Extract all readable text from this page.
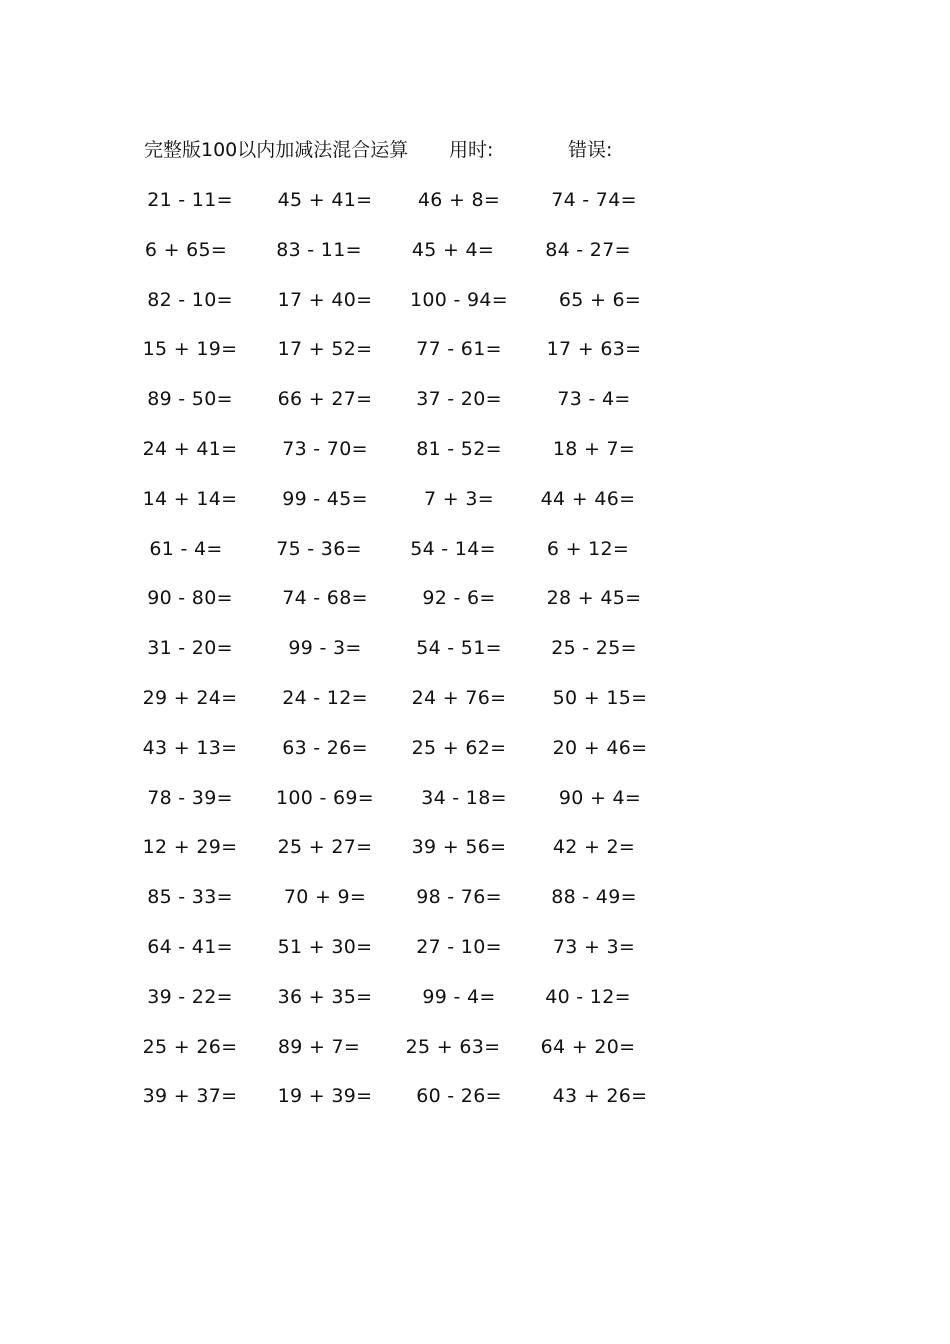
完整版100以内加减法混合运算 用时:	错误:
21 - 11=	45 + 41=	46 + 8=	74 - 74=
6 + 65=	83 - 11=	45 + 4=	84 - 27=
82 - 10=	17 + 40=	100 - 94=	65 + 6=
15 + 19=	17 + 52=	77 - 61=	17 + 63=
89 - 50=	66 + 27=	37 - 20=	73 - 4=
24 + 41=	73 - 70=	81 - 52=	18 + 7=
14 + 14=	99 - 45=	7 + 3=	44 + 46=
61 - 4=	75 - 36=	54 - 14=	6 + 12=
90 - 80=	74 - 68=	92 - 6=	28 + 45=
31 - 20=	99 - 3=	54 - 51=	25 - 25=
29 + 24=	24 - 12=	24 + 76=	50 + 15=
43 + 13=	63 - 26=	25 + 62=	20 + 46=
78 - 39=	100 - 69=	34 - 18=	90 + 4=
12 + 29=	25 + 27=	39 + 56=	42 + 2=
85 - 33=	70 + 9=	98 - 76=	88 - 49=
64 - 41=	51 + 30=	27 - 10=	73 + 3=
39 - 22=	36 + 35=	99 - 4=	40 - 12=
25 + 26=	89 + 7=	25 + 63=	64 + 20=
39 + 37=	19 + 39=	60 - 26=	43 + 26=
